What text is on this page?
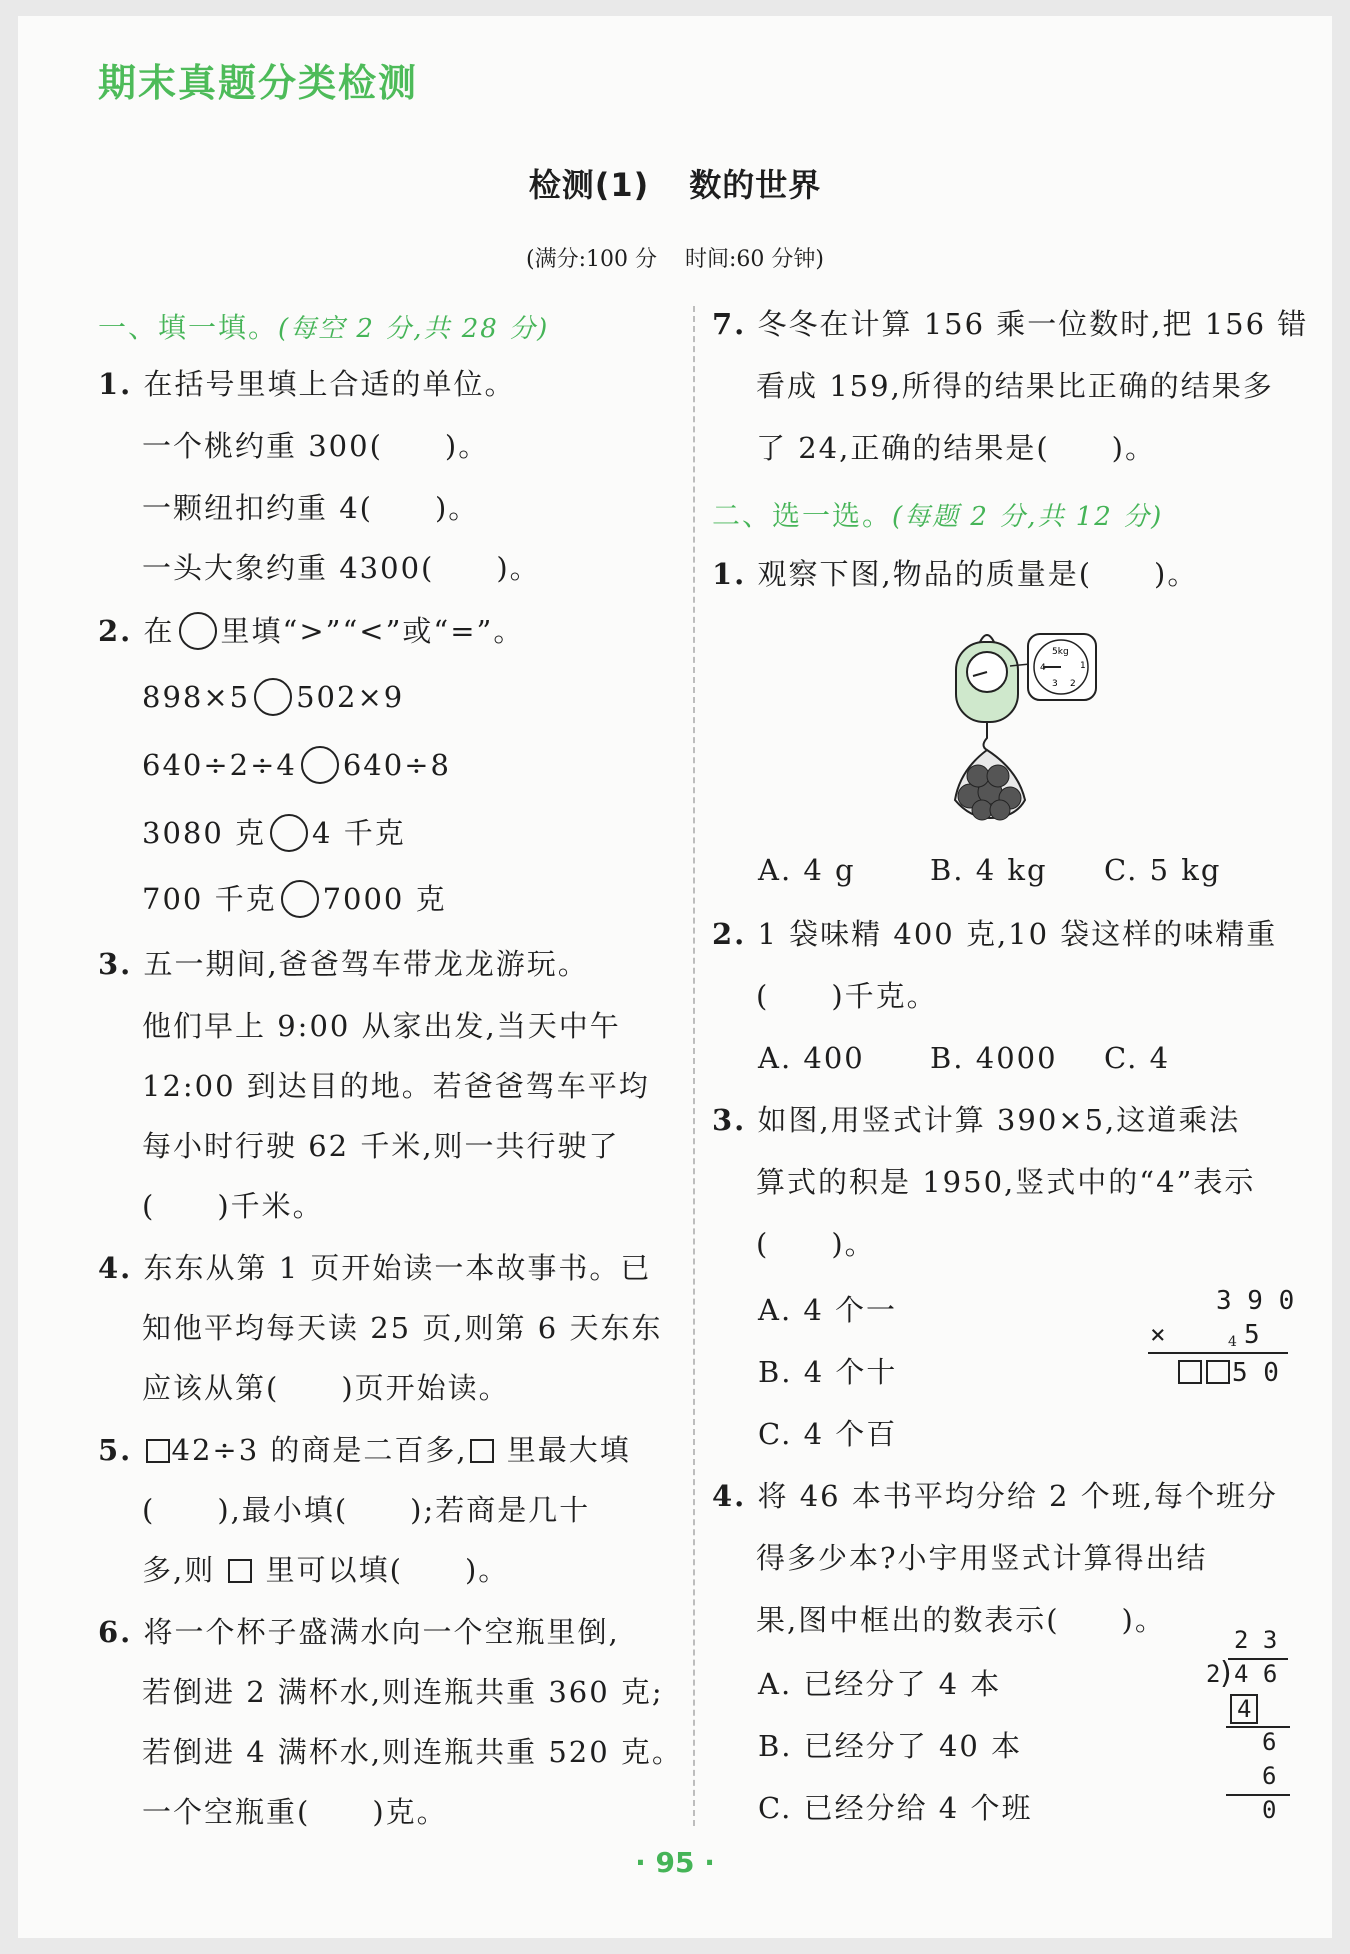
期末真题分类检测
检测(1) 数的世界
(满分:100 分 时间:60 分钟)
一、填一填。(每空 2 分,共 28 分)
1. 在括号里填上合适的单位。
一个桃约重 300(　　)。
一颗纽扣约重 4(　　)。
一头大象约重 4300(　　)。
2. 在 里填“>”“<”或“=”。
898×5 502×9
640÷2÷4 640÷8
3080 克 4 千克
700 千克 7000 克
3. 五一期间,爸爸驾车带龙龙游玩。
他们早上 9:00 从家出发,当天中午
12:00 到达目的地。若爸爸驾车平均
每小时行驶 62 千米,则一共行驶了
(　　)千米。
4. 东东从第 1 页开始读一本故事书。已
知他平均每天读 25 页,则第 6 天东东
应该从第(　　)页开始读。
5. 42÷3 的商是二百多, 里最大填
(　　),最小填(　　);若商是几十
多,则  里可以填(　　)。
6. 将一个杯子盛满水向一个空瓶里倒,
若倒进 2 满杯水,则连瓶共重 360 克;
若倒进 4 满杯水,则连瓶共重 520 克。
一个空瓶重(　　)克。
7. 冬冬在计算 156 乘一位数时,把 156 错
看成 159,所得的结果比正确的结果多
了 24,正确的结果是(　　)。
二、选一选。(每题 2 分,共 12 分)
1. 观察下图,物品的质量是(　　)。
5kg
1
2
3
4
A. 4 g	B. 4 kg C. 5 kg
2. 1 袋味精 400 克,10 袋这样的味精重
(　　)千克。
A. 400 B. 4000 C. 4
3. 如图,用竖式计算 390×5,这道乘法
算式的积是 1950,竖式中的“4”表示
(　　)。
A. 4 个一
B. 4 个十
C. 4 个百
3 9 0
×	4 5
5 0
4. 将 46 本书平均分给 2 个班,每个班分
得多少本?小宇用竖式计算得出结
果,图中框出的数表示(　　)。
A. 已经分了 4 本
B. 已经分了 40 本
C. 已经分给 4 个班
2 3
2 ) 4 6
4
6
6
0
· 95 ·
